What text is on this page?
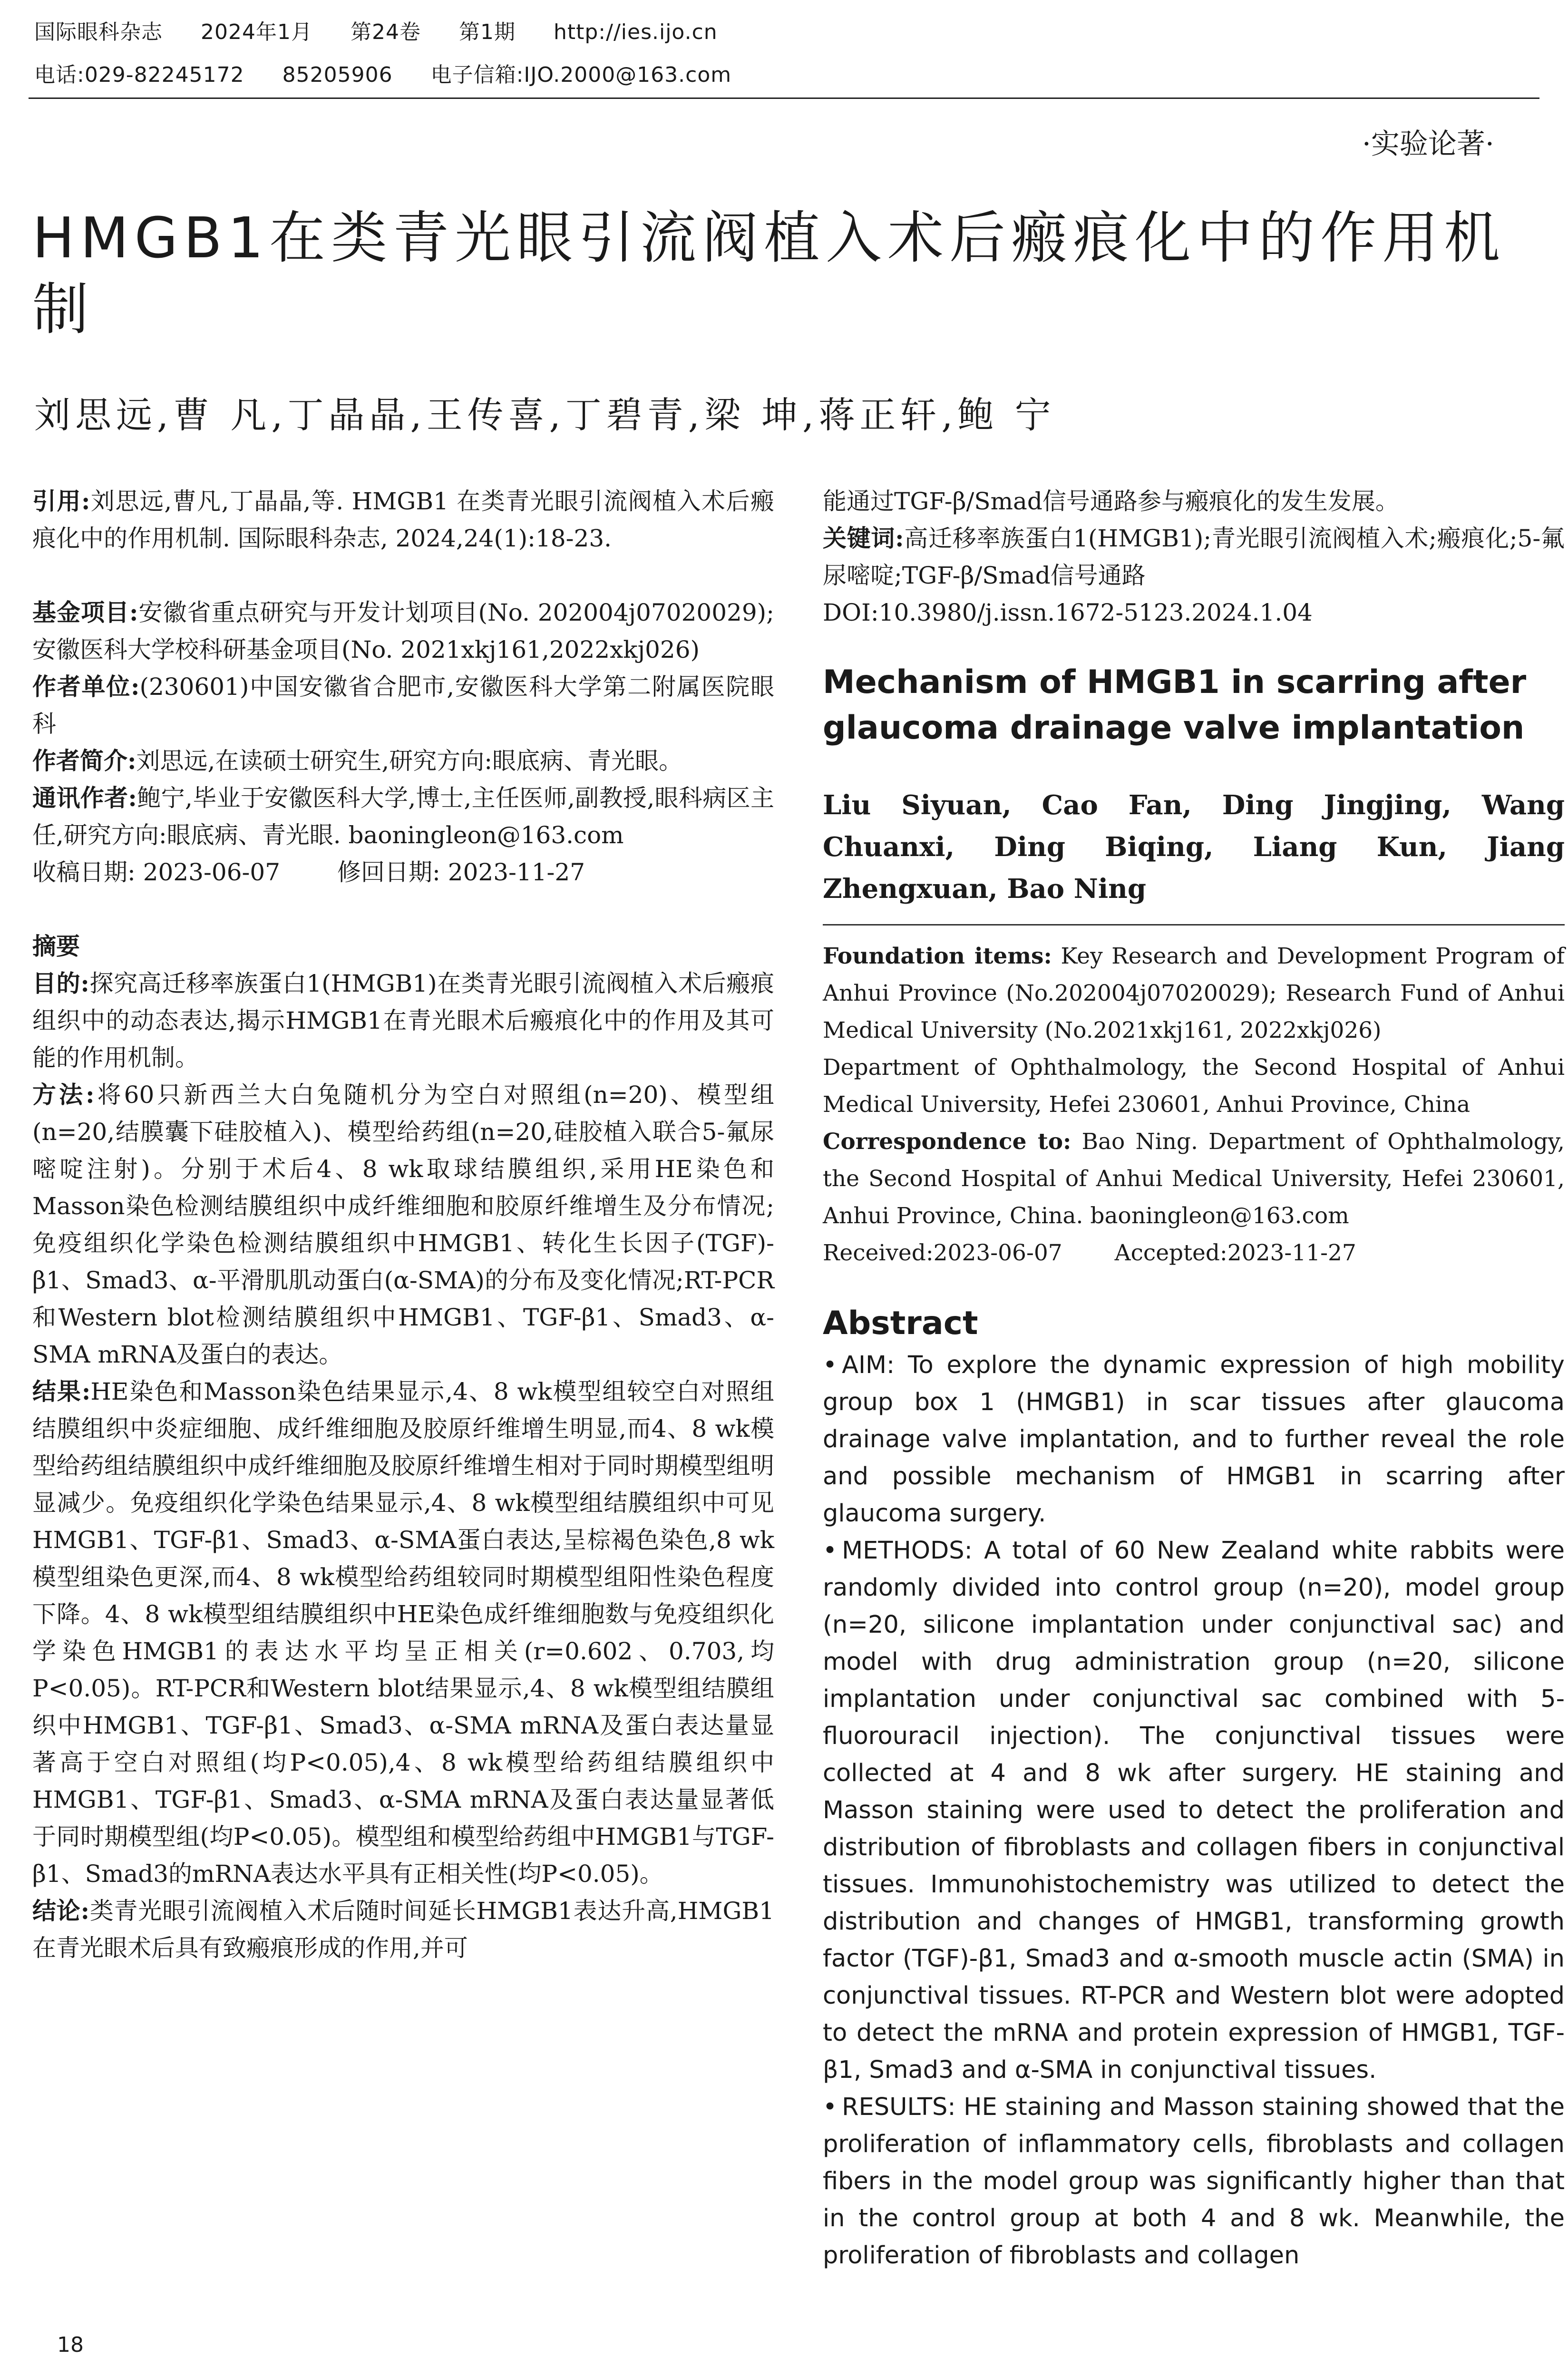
国际眼科杂志 2024年1月 第24卷 第1期 http://ies.ijo.cn
电话:029-82245172 85205906 电子信箱:IJO.2000@163.com
·实验论著·
HMGB1在类青光眼引流阀植入术后瘢痕化中的作用机制

刘思远,曹 凡,丁晶晶,王传喜,丁碧青,梁 坤,蒋正轩,鲍 宁

引用:刘思远,曹凡,丁晶晶,等. HMGB1 在类青光眼引流阀植入术后瘢痕化中的作用机制. 国际眼科杂志, 2024,24(1):18-23.

基金项目:安徽省重点研究与开发计划项目(No. 202004j07020029);安徽医科大学校科研基金项目(No. 2021xkj161,2022xkj026)

作者单位:(230601)中国安徽省合肥市,安徽医科大学第二附属医院眼科

作者简介:刘思远,在读硕士研究生,研究方向:眼底病、青光眼。

通讯作者:鲍宁,毕业于安徽医科大学,博士,主任医师,副教授,眼科病区主任,研究方向:眼底病、青光眼. baoningleon@163.com

收稿日期: 2023-06-07 修回日期: 2023-11-27

摘要

目的:探究高迁移率族蛋白1(HMGB1)在类青光眼引流阀植入术后瘢痕组织中的动态表达,揭示HMGB1在青光眼术后瘢痕化中的作用及其可能的作用机制。

方法:将60只新西兰大白兔随机分为空白对照组(n=20)、模型组(n=20,结膜囊下硅胶植入)、模型给药组(n=20,硅胶植入联合5-氟尿嘧啶注射)。分别于术后4、8 wk取球结膜组织,采用HE染色和Masson染色检测结膜组织中成纤维细胞和胶原纤维增生及分布情况;免疫组织化学染色检测结膜组织中HMGB1、转化生长因子(TGF)-β1、Smad3、α-平滑肌肌动蛋白(α-SMA)的分布及变化情况;RT-PCR和Western blot检测结膜组织中HMGB1、TGF-β1、Smad3、α-SMA mRNA及蛋白的表达。

结果:HE染色和Masson染色结果显示,4、8 wk模型组较空白对照组结膜组织中炎症细胞、成纤维细胞及胶原纤维增生明显,而4、8 wk模型给药组结膜组织中成纤维细胞及胶原纤维增生相对于同时期模型组明显减少。免疫组织化学染色结果显示,4、8 wk模型组结膜组织中可见HMGB1、TGF-β1、Smad3、α-SMA蛋白表达,呈棕褐色染色,8 wk模型组染色更深,而4、8 wk模型给药组较同时期模型组阳性染色程度下降。4、8 wk模型组结膜组织中HE染色成纤维细胞数与免疫组织化学染色HMGB1的表达水平均呈正相关(r=0.602、0.703,均P<0.05)。RT-PCR和Western blot结果显示,4、8 wk模型组结膜组织中HMGB1、TGF-β1、Smad3、α-SMA mRNA及蛋白表达量显著高于空白对照组(均P<0.05),4、8 wk模型给药组结膜组织中HMGB1、TGF-β1、Smad3、α-SMA mRNA及蛋白表达量显著低于同时期模型组(均P<0.05)。模型组和模型给药组中HMGB1与TGF-β1、Smad3的mRNA表达水平具有正相关性(均P<0.05)。

结论:类青光眼引流阀植入术后随时间延长HMGB1表达升高,HMGB1在青光眼术后具有致瘢痕形成的作用,并可

能通过TGF-β/Smad信号通路参与瘢痕化的发生发展。

关键词:高迁移率族蛋白1(HMGB1);青光眼引流阀植入术;瘢痕化;5-氟尿嘧啶;TGF-β/Smad信号通路

DOI:10.3980/j.issn.1672-5123.2024.1.04

Mechanism of HMGB1 in scarring after glaucoma drainage valve implantation

Liu Siyuan, Cao Fan, Ding Jingjing, Wang Chuanxi, Ding Biqing, Liang Kun, Jiang Zhengxuan, Bao Ning

Foundation items: Key Research and Development Program of Anhui Province (No.202004j07020029); Research Fund of Anhui Medical University (No.2021xkj161, 2022xkj026)

Department of Ophthalmology, the Second Hospital of Anhui Medical University, Hefei 230601, Anhui Province, China

Correspondence to: Bao Ning. Department of Ophthalmology, the Second Hospital of Anhui Medical University, Hefei 230601, Anhui Province, China. baoningleon@163.com

Received:2023-06-07 Accepted:2023-11-27

Abstract

• AIM: To explore the dynamic expression of high mobility group box 1 (HMGB1) in scar tissues after glaucoma drainage valve implantation, and to further reveal the role and possible mechanism of HMGB1 in scarring after glaucoma surgery.

• METHODS: A total of 60 New Zealand white rabbits were randomly divided into control group (n=20), model group (n=20, silicone implantation under conjunctival sac) and model with drug administration group (n=20, silicone implantation under conjunctival sac combined with 5-fluorouracil injection). The conjunctival tissues were collected at 4 and 8 wk after surgery. HE staining and Masson staining were used to detect the proliferation and distribution of fibroblasts and collagen fibers in conjunctival tissues. Immunohistochemistry was utilized to detect the distribution and changes of HMGB1, transforming growth factor (TGF)-β1, Smad3 and α-smooth muscle actin (SMA) in conjunctival tissues. RT-PCR and Western blot were adopted to detect the mRNA and protein expression of HMGB1, TGF-β1, Smad3 and α-SMA in conjunctival tissues.

• RESULTS: HE staining and Masson staining showed that the proliferation of inflammatory cells, fibroblasts and collagen fibers in the model group was significantly higher than that in the control group at both 4 and 8 wk. Meanwhile, the proliferation of fibroblasts and collagen

18
